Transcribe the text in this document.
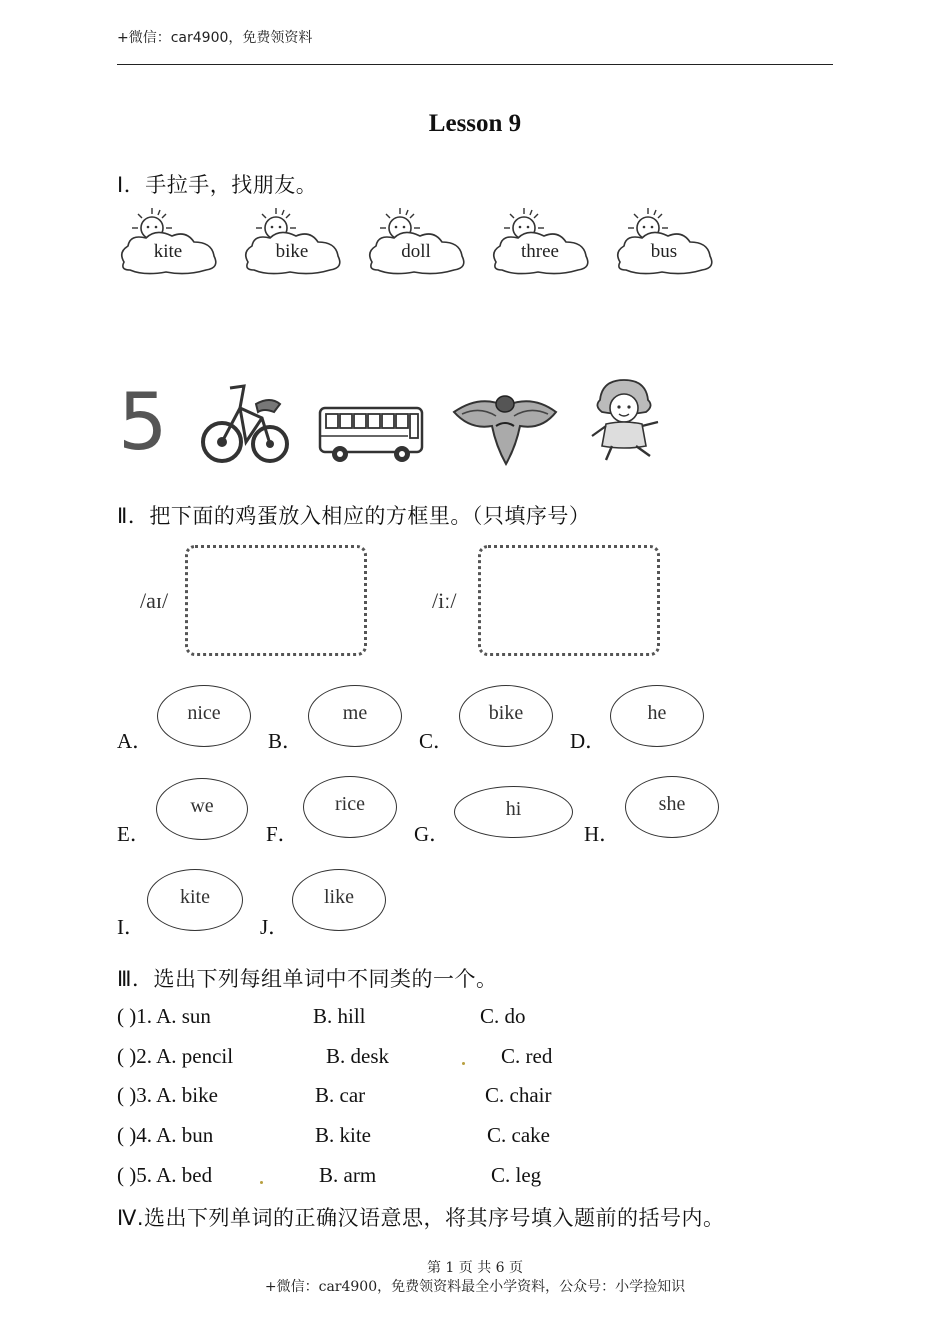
+微信：car4900，免费领资料
Lesson 9
I．手拉手，找朋友。
kite	bike	doll	three	bus
5
Ⅱ．把下面的鸡蛋放入相应的方框里。（只填序号）
/aɪ/	/iː/
A．
nice
B．
me
C．
bike
D．
he
E．
we
F．
rice
G．
hi
H．
she
I．
kite
J．
like
Ⅲ．选出下列每组单词中不同类的一个。
( )1. A. sun	B. hill	C. do
( )2. A. pencil	B. desk	C. red
( )3. A. bike	B. car	C. chair
( )4. A. bun	B. kite	C. cake
( )5. A. bed	B. arm	C. leg
Ⅳ.选出下列单词的正确汉语意思，将其序号填入题前的括号内。
第 1 页 共 6 页
+微信：car4900，免费领资料最全小学资料，公众号：小学捡知识
